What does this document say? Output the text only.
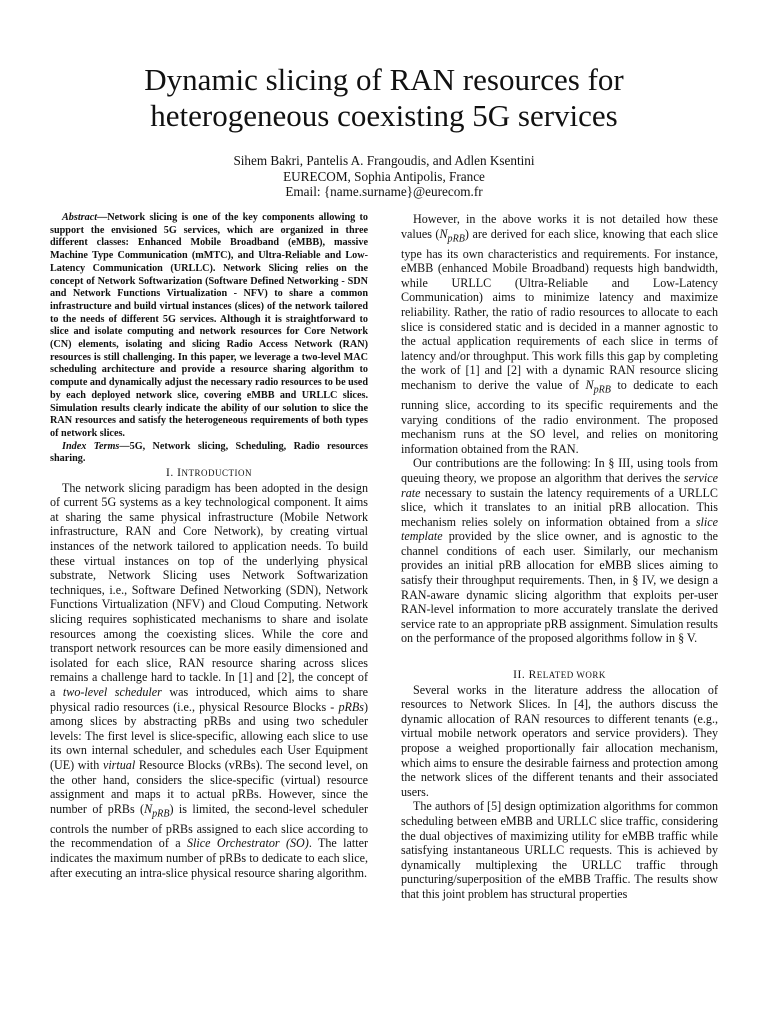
Dynamic slicing of RAN resources for
heterogeneous coexisting 5G services
Sihem Bakri, Pantelis A. Frangoudis, and Adlen Ksentini
EURECOM, Sophia Antipolis, France
Email: {name.surname}@eurecom.fr

Abstract—Network slicing is one of the key components allowing to support the envisioned 5G services, which are organized in three different classes: Enhanced Mobile Broadband (eMBB), massive Machine Type Communication (mMTC), and Ultra-Reliable and Low-Latency Communication (URLLC). Network Slicing relies on the concept of Network Softwarization (Software Defined Networking - SDN and Network Functions Virtualization - NFV) to share a common infrastructure and build virtual instances (slices) of the network tailored to the needs of different 5G services. Although it is straightforward to slice and isolate computing and network resources for Core Network (CN) elements, isolating and slicing Radio Access Network (RAN) resources is still challenging. In this paper, we leverage a two-level MAC scheduling architecture and provide a resource sharing algorithm to compute and dynamically adjust the necessary radio resources to be used by each deployed network slice, covering eMBB and URLLC slices. Simulation results clearly indicate the ability of our solution to slice the RAN resources and satisfy the heterogeneous requirements of both types of network slices.

Index Terms—5G, Network slicing, Scheduling, Radio resources sharing.

I. INTRODUCTION

The network slicing paradigm has been adopted in the design of current 5G systems as a key technological component. It aims at sharing the same physical infrastructure (Mobile Network infrastructure, RAN and Core Network), by creating virtual instances of the network tailored to application needs. To build these virtual instances on top of the underlying physical substrate, Network Slicing uses Network Softwarization techniques, i.e., Software Defined Networking (SDN), Network Functions Virtualization (NFV) and Cloud Computing. Network slicing requires sophisticated mechanisms to share and isolate resources among the coexisting slices. While the core and transport network resources can be more easily dimensioned and isolated for each slice, RAN resource sharing across slices remains a challenge hard to tackle. In [1] and [2], the concept of a two-level scheduler was introduced, which aims to share physical radio resources (i.e., physical Resource Blocks - pRBs) among slices by abstracting pRBs and using two scheduler levels: The first level is slice-specific, allowing each slice to use its own internal scheduler, and schedules each User Equipment (UE) with virtual Resource Blocks (vRBs). The second level, on the other hand, considers the slice-specific (virtual) resource assignment and maps it to actual pRBs. However, since the number of pRBs $(N_{pRB})$ is limited, the second-level scheduler controls the number of pRBs assigned to each slice according to the recommendation of a Slice Orchestrator (SO). The latter indicates the maximum number of pRBs to dedicate to each slice, after executing an intra-slice physical resource sharing algorithm.

However, in the above works it is not detailed how these values $(N_{pRB})$ are derived for each slice, knowing that each slice type has its own characteristics and requirements. For instance, eMBB (enhanced Mobile Broadband) requests high bandwidth, while URLLC (Ultra-Reliable and Low-Latency Communication) aims to minimize latency and maximize reliability. Rather, the ratio of radio resources to allocate to each slice is considered static and is decided in a manner agnostic to the actual application requirements of each slice in terms of latency and/or throughput. This work fills this gap by completing the work of [1] and [2] with a dynamic RAN resource slicing mechanism to derive the value of $N_{pRB}$ to dedicate to each running slice, according to its specific requirements and the varying conditions of the radio environment. The proposed mechanism runs at the SO level, and relies on monitoring information obtained from the RAN.

Our contributions are the following: In § III, using tools from queuing theory, we propose an algorithm that derives the service rate necessary to sustain the latency requirements of a URLLC slice, which it translates to an initial pRB allocation. This mechanism relies solely on information obtained from a slice template provided by the slice owner, and is agnostic to the channel conditions of each user. Similarly, our mechanism provides an initial pRB allocation for eMBB slices aiming to satisfy their throughput requirements. Then, in § IV, we design a RAN-aware dynamic slicing algorithm that exploits per-user RAN-level information to more accurately translate the derived service rate to an appropriate pRB assignment. Simulation results on the performance of the proposed algorithms follow in § V.

II. RELATED WORK

Several works in the literature address the allocation of resources to Network Slices. In [4], the authors discuss the dynamic allocation of RAN resources to different tenants (e.g., virtual mobile network operators and service providers). They propose a weighed proportionally fair allocation mechanism, which aims to ensure the desirable fairness and protection among the network slices of the different tenants and their associated users.

The authors of [5] design optimization algorithms for common scheduling between eMBB and URLLC slice traffic, considering the dual objectives of maximizing utility for eMBB traffic while satisfying instantaneous URLLC requests. This is achieved by dynamically multiplexing the URLLC traffic through puncturing/superposition of the eMBB Traffic. The results show that this joint problem has structural properties
